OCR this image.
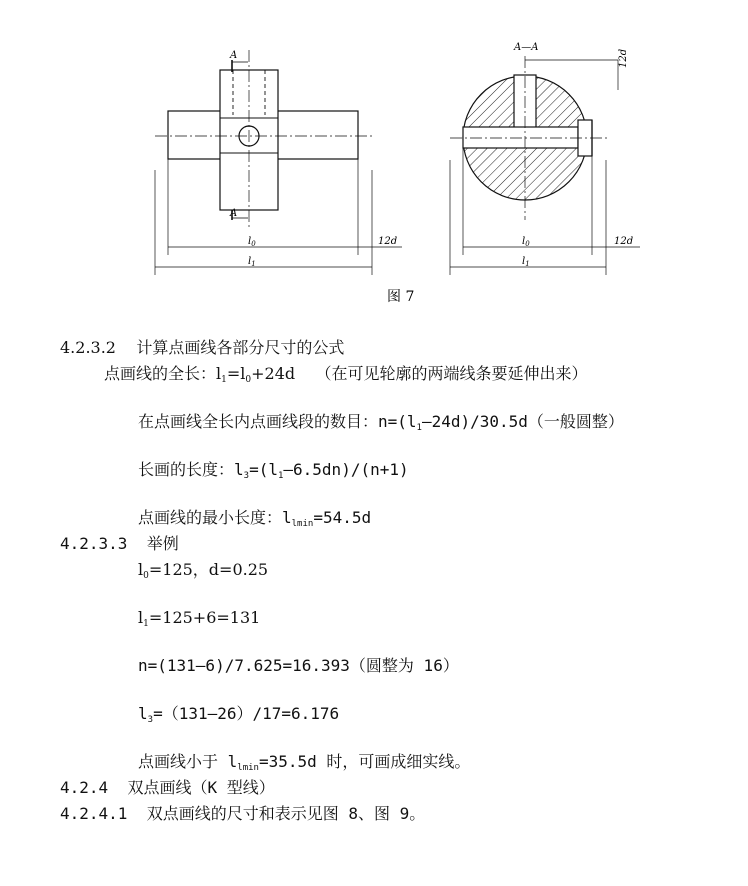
A
A
$l_0$
$l_1$
12d
A—A
12d
$l_0$
$l_1$
12d
图 7
4.2.3.2 计算点画线各部分尺寸的公式
点画线的全长：$l_1=l_0+24d$ （在可见轮廓的两端线条要延伸出来）
在点画线全长内点画线段的数目：$n=(l_1—24d)/30.5d$（一般圆整）
长画的长度：$l_3=(l_1—6.5dn)/(n+1)$
点画线的最小长度：$l_{lmin}=54.5d$
4.2.3.3 举例
$l_0=125$，d=0.25
$l_1=125+6=131$
n=(131—6)/7.625=16.393（圆整为 16）
$l_3=(131—26)/17=6.176$
点画线小于 $l_{lmin}=35.5d$ 时，可画成细实线。
4.2.4 双点画线（K 型线）
4.2.4.1 双点画线的尺寸和表示见图 8、图 9。
